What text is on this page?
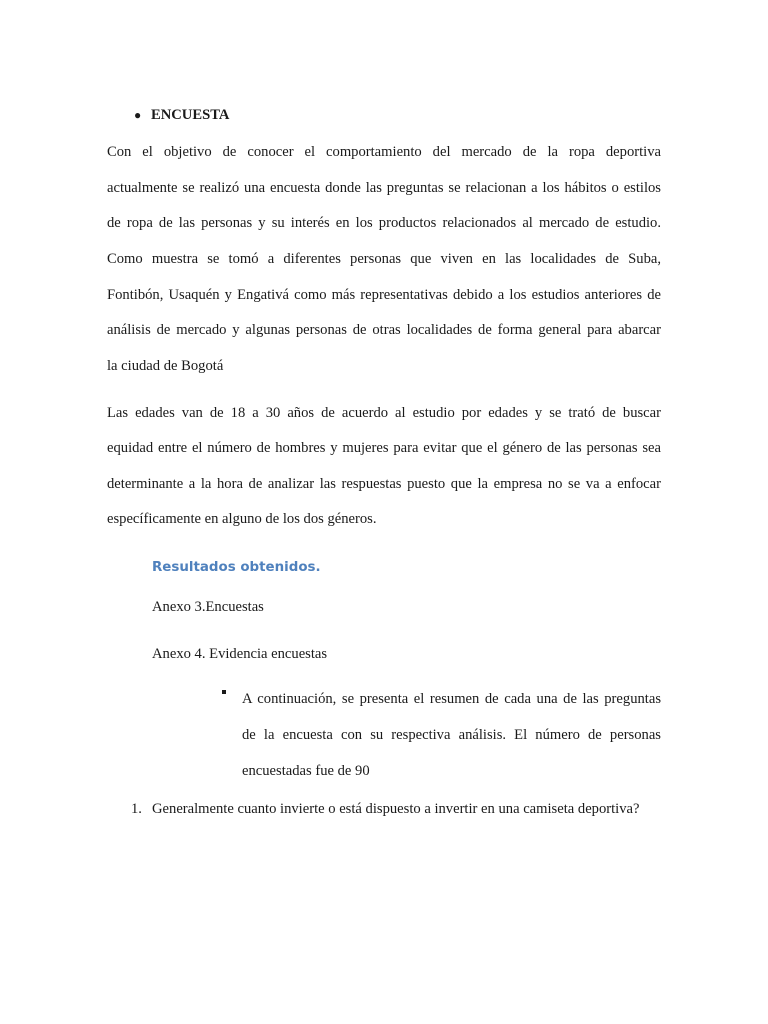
● ENCUESTA
Con el objetivo de conocer el comportamiento del mercado de la ropa deportiva
actualmente se realizó una encuesta donde las preguntas se relacionan a los hábitos o estilos
de ropa de las personas y su interés en los productos relacionados al mercado de estudio.
Como muestra se tomó a diferentes personas que viven en las localidades de Suba,
Fontibón, Usaquén y Engativá como más representativas debido a los estudios anteriores de
análisis de mercado y algunas personas de otras localidades de forma general para abarcar
la ciudad de Bogotá
Las edades van de 18 a 30 años de acuerdo al estudio por edades y se trató de buscar
equidad entre el número de hombres y mujeres para evitar que el género de las personas sea
determinante a la hora de analizar las respuestas puesto que la empresa no se va a enfocar
específicamente en alguno de los dos géneros.
Resultados obtenidos.
Anexo 3.Encuestas
Anexo 4. Evidencia encuestas
A continuación, se presenta el resumen de cada una de las preguntas
de la encuesta con su respectiva análisis. El número de personas
encuestadas fue de 90
1. Generalmente cuanto invierte o está dispuesto a invertir en una camiseta deportiva?
